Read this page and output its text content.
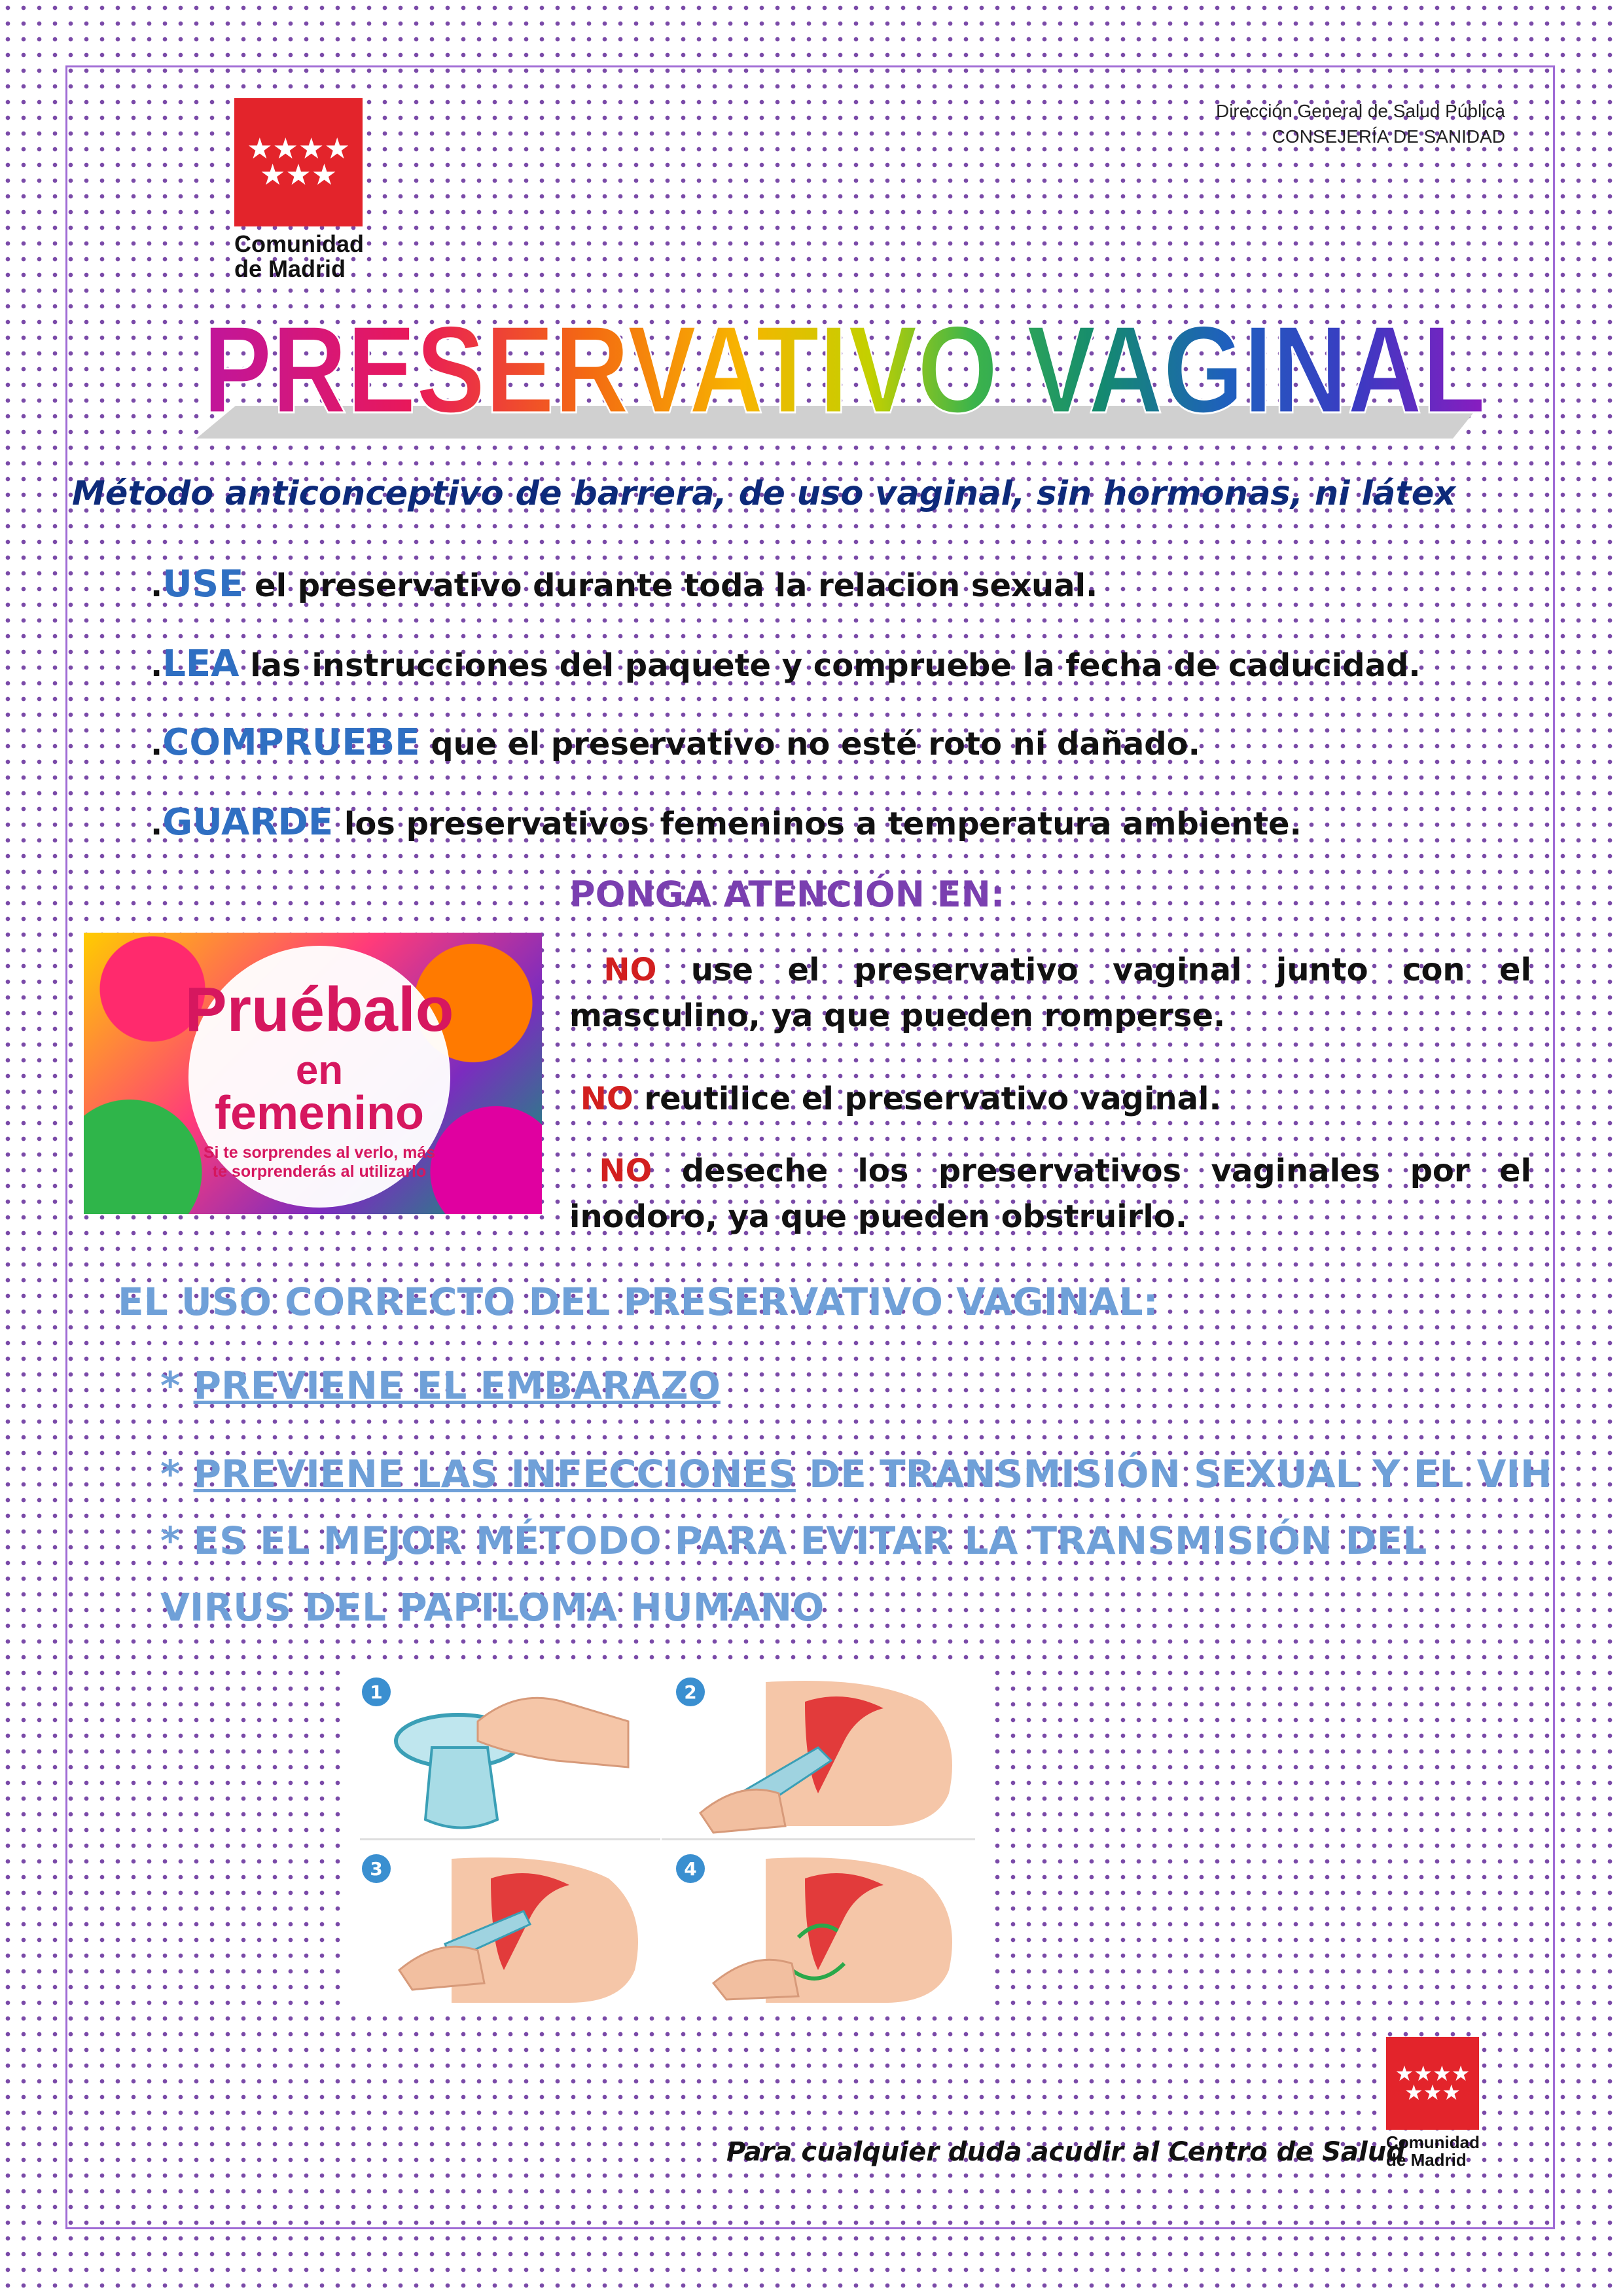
★★★★
★★★
Comunidad
de Madrid
Dirección General de Salud Pública
CONSEJERÍA DE SANIDAD
PRESERVATIVO VAGINAL
Método anticonceptivo de barrera, de uso vaginal, sin hormonas, ni látex
.USE el preservativo durante toda la relacion sexual.
.LEA las instrucciones del paquete y compruebe la fecha de caducidad.
.COMPRUEBE que el preservativo no esté roto ni dañado.
.GUARDE los preservativos femeninos a temperatura ambiente.
Pruébalo
en
femenino
Si te sorprendes al verlo, más te sorprenderás al utilizarlo
PONGA ATENCIÓN EN:
NO use el preservativo vaginal junto con el masculino, ya que pueden romperse.
NO reutilice el preservativo vaginal.
NO deseche los preservativos vaginales por el inodoro, ya que pueden obstruirlo.
EL USO CORRECTO DEL PRESERVATIVO VAGINAL:
* PREVIENE EL EMBARAZO
* PREVIENE LAS INFECCIONES DE TRANSMISIÓN SEXUAL Y EL VIH
* ES EL MEJOR MÉTODO PARA EVITAR LA TRANSMISIÓN DEL
VIRUS DEL PAPILOMA HUMANO
1	2
3	4
Para cualquier duda acudir al Centro de Salud
★★★★
★★★
Comunidad
de Madrid
